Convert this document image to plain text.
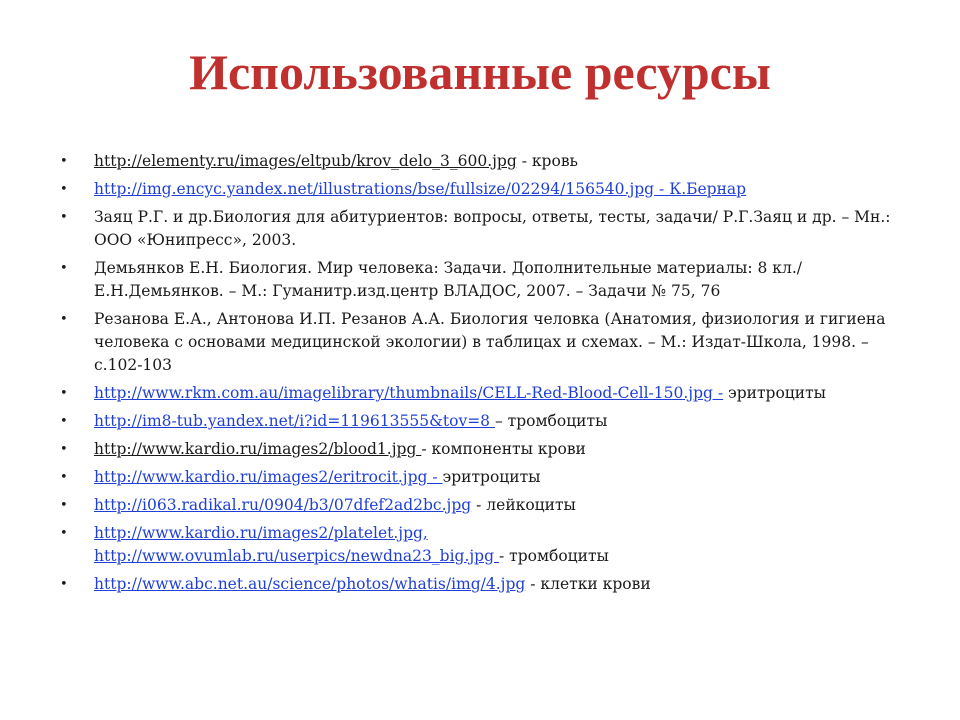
Использованные ресурсы
• http://elementy.ru/images/eltpub/krov_delo_3_600.jpg - кровь
• http://img.encyc.yandex.net/illustrations/bse/fullsize/02294/156540.jpg - К.Бернар
• Заяц Р.Г. и др.Биология для абитуриентов: вопросы, ответы, тесты, задачи/ Р.Г.Заяц и др. – Мн.: ООО «Юнипресс», 2003.
• Демьянков Е.Н. Биология. Мир человека: Задачи. Дополнительные материалы: 8 кл./Е.Н.Демьянков. – М.: Гуманитр.изд.центр ВЛАДОС, 2007. – Задачи № 75, 76
• Резанова Е.А., Антонова И.П. Резанов А.А. Биология человка (Анатомия, физиология и гигиена человека с основами медицинской экологии) в таблицах и схемах. – М.: Издат-Школа, 1998. – с.102-103
• http://www.rkm.com.au/imagelibrary/thumbnails/CELL-Red-Blood-Cell-150.jpg - эритроциты
• http://im8-tub.yandex.net/i?id=119613555&tov=8 – тромбоциты
• http://www.kardio.ru/images2/blood1.jpg - компоненты крови
• http://www.kardio.ru/images2/eritrocit.jpg - эритроциты
• http://i063.radikal.ru/0904/b3/07dfef2ad2bc.jpg - лейкоциты
• http://www.kardio.ru/images2/platelet.jpg,
http://www.ovumlab.ru/userpics/newdna23_big.jpg - тромбоциты
• http://www.abc.net.au/science/photos/whatis/img/4.jpg - клетки крови
